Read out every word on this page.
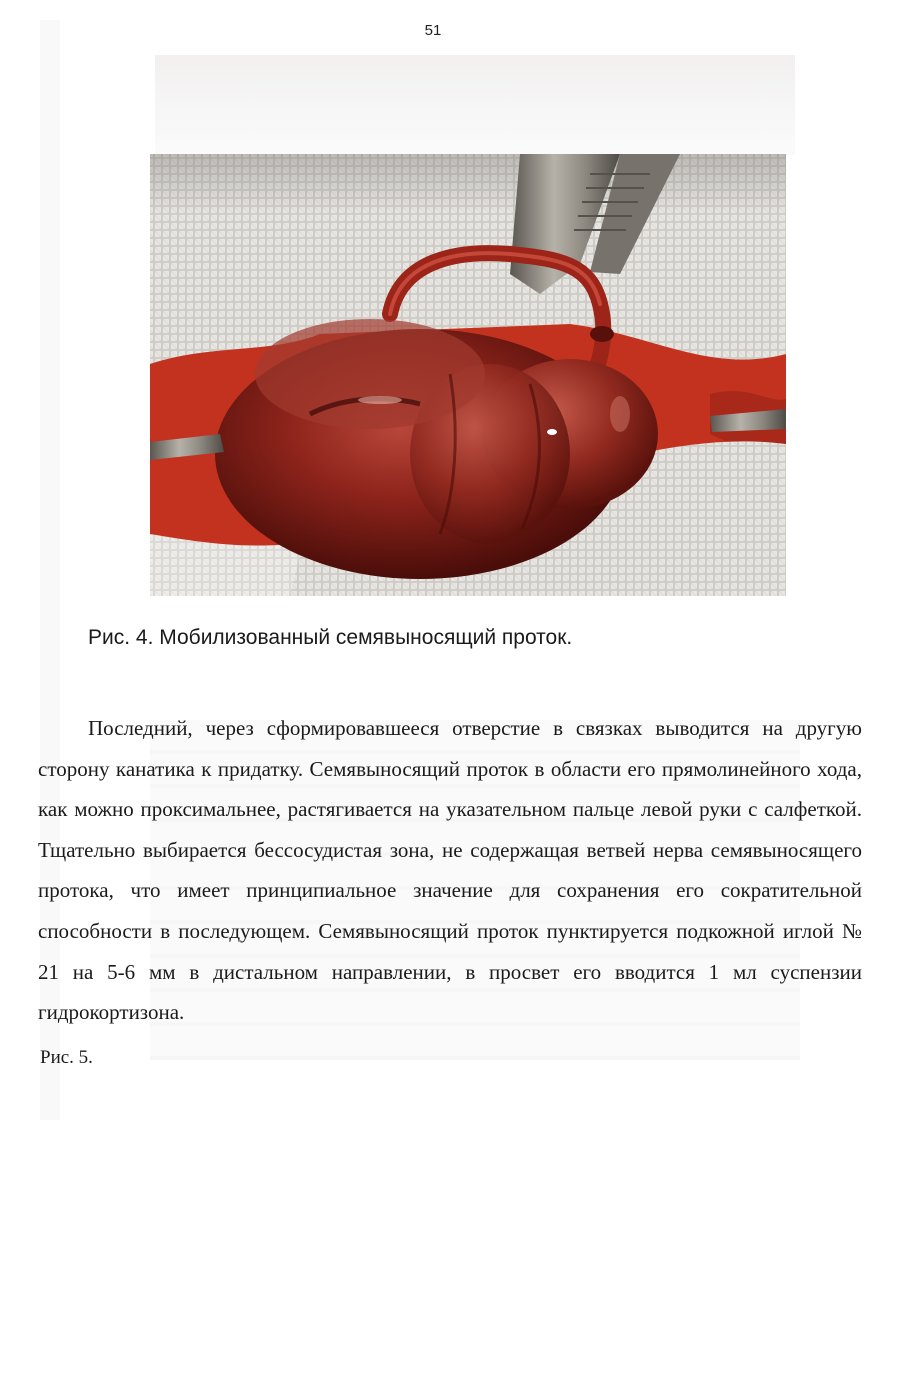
51
Рис. 4. Мобилизованный семявыносящий проток.

Последний, через сформировавшееся отверстие в связках выводится на другую сторону канатика к придатку. Семявыносящий проток в области его прямолинейного хода, как можно проксимальнее, растягивается на указательном пальце левой руки с салфеткой. Тщательно выбирается бессосудистая зона, не содержащая ветвей нерва семявыносящего протока, что имеет принципиальное значение для сохранения его сократительной способности в последующем. Семявыносящий проток пунктируется подкожной иглой № 21 на 5-6 мм в дистальном направлении, в просвет его вводится 1 мл суспензии гидрокортизона.

Рис. 5.
